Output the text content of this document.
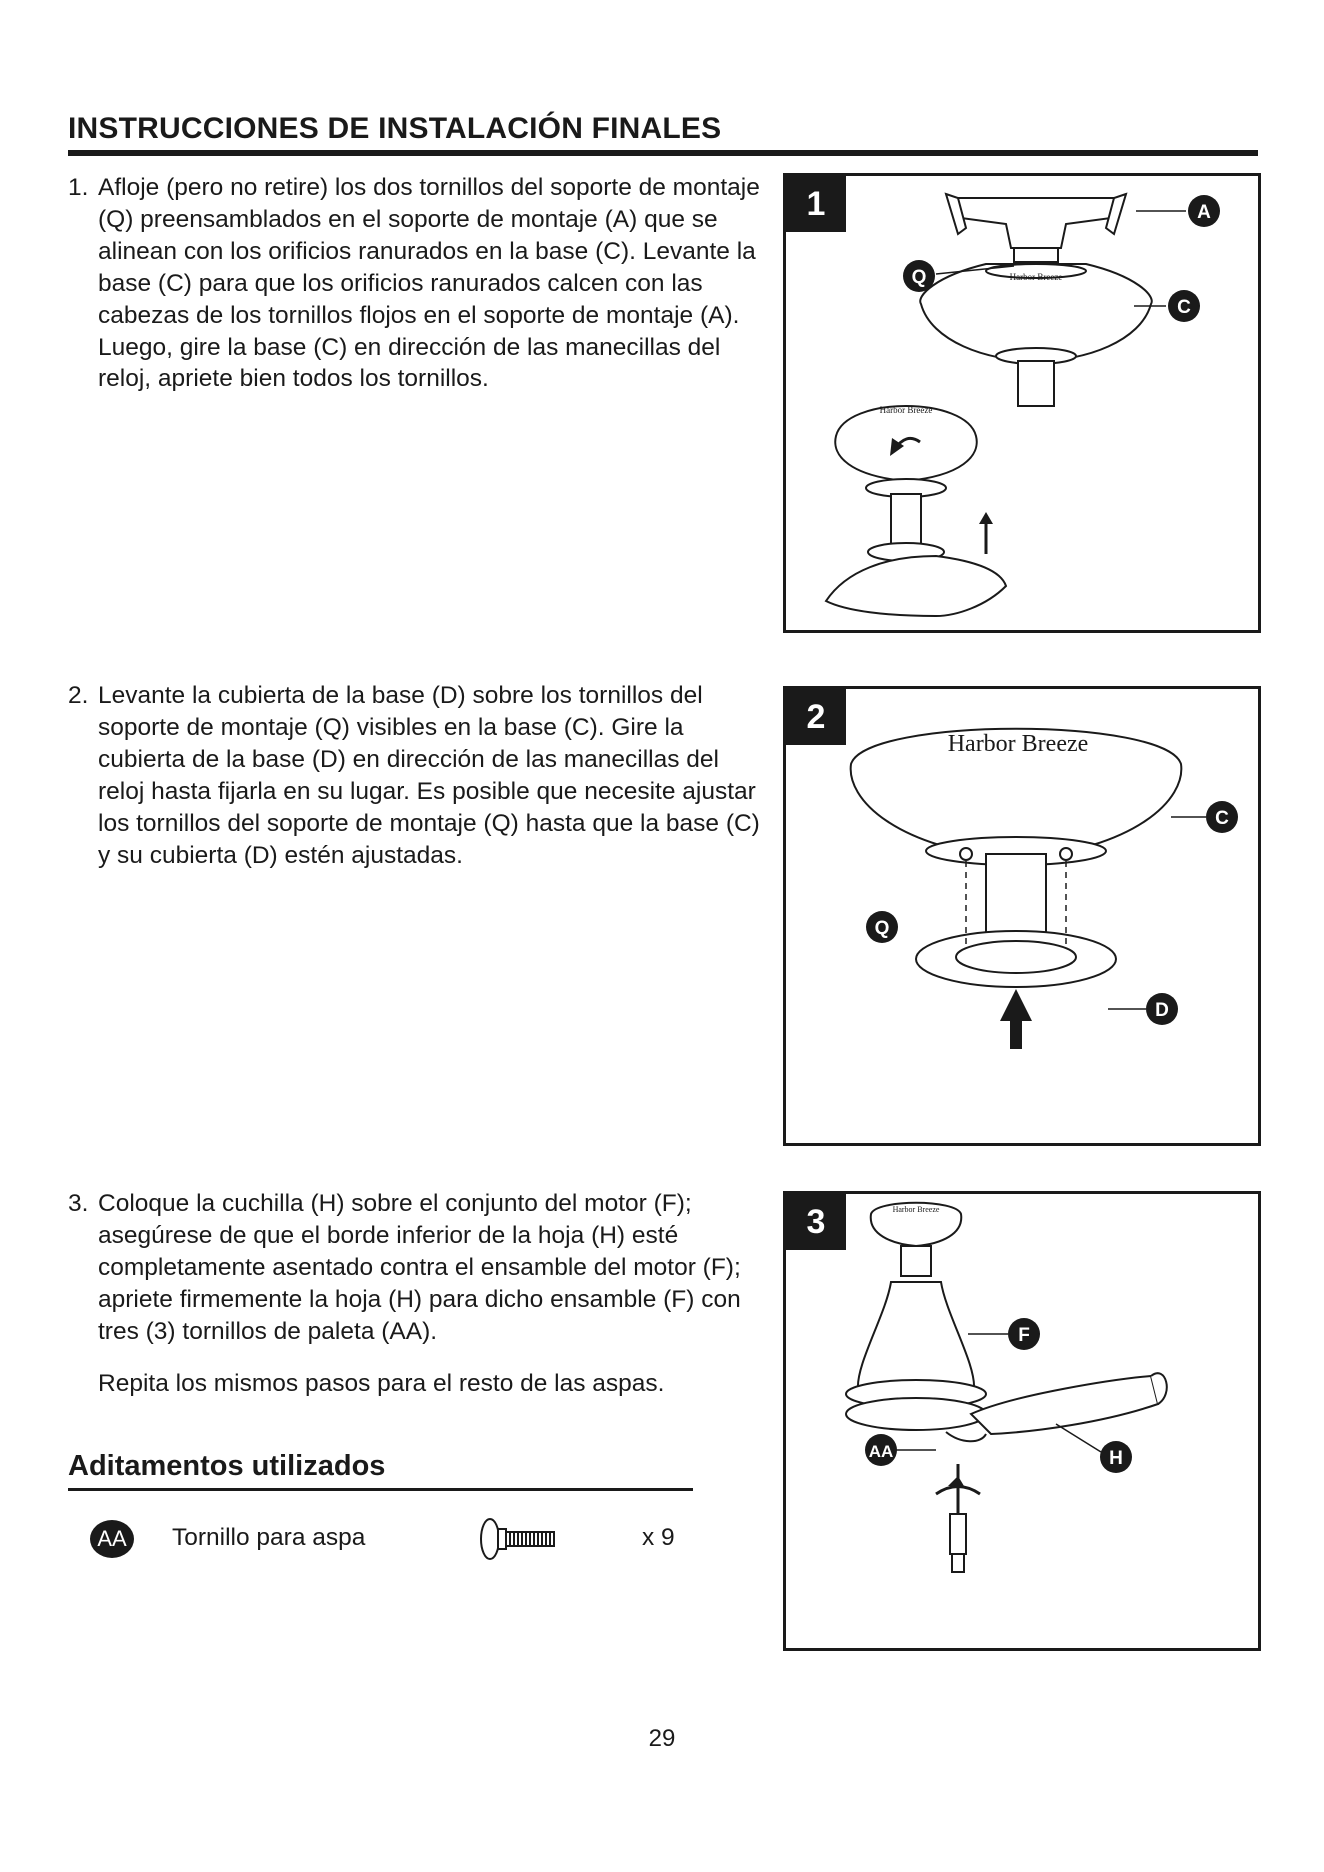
INSTRUCCIONES DE INSTALACIÓN FINALES
1. Afloje (pero no retire) los dos tornillos del soporte de montaje (Q) preensamblados en el soporte de montaje (A) que se alinean con los orificios ranurados en la base (C). Levante la base (C) para que los orificios ranurados calcen con las cabezas de los tornillos flojos en el soporte de montaje (A). Luego, gire la base (C) en dirección de las manecillas del reloj, apriete bien todos los tornillos.
2. Levante la cubierta de la base (D) sobre los tornillos del soporte de montaje (Q) visibles en la base (C). Gire la cubierta de la base (D) en dirección de las manecillas del reloj hasta fijarla en su lugar. Es posible que necesite ajustar los tornillos del soporte de montaje (Q) hasta que la base (C) y su cubierta (D) estén ajustadas.
3. Coloque la cuchilla (H) sobre el conjunto del motor (F); asegúrese de que el borde inferior de la hoja (H) esté completamente asentado contra el ensamble del motor (F); apriete firmemente la hoja (H) para dicho ensamble (F) con tres (3) tornillos de paleta (AA).
Repita los mismos pasos para el resto de las aspas.
A
Q
C
Harbor Breeze
Harbor Breeze
1
C
Q
D
Harbor Breeze
2
F
AA	H
Harbor Breeze
3
Aditamentos utilizados
AA Tornillo para aspa	x 9
29
